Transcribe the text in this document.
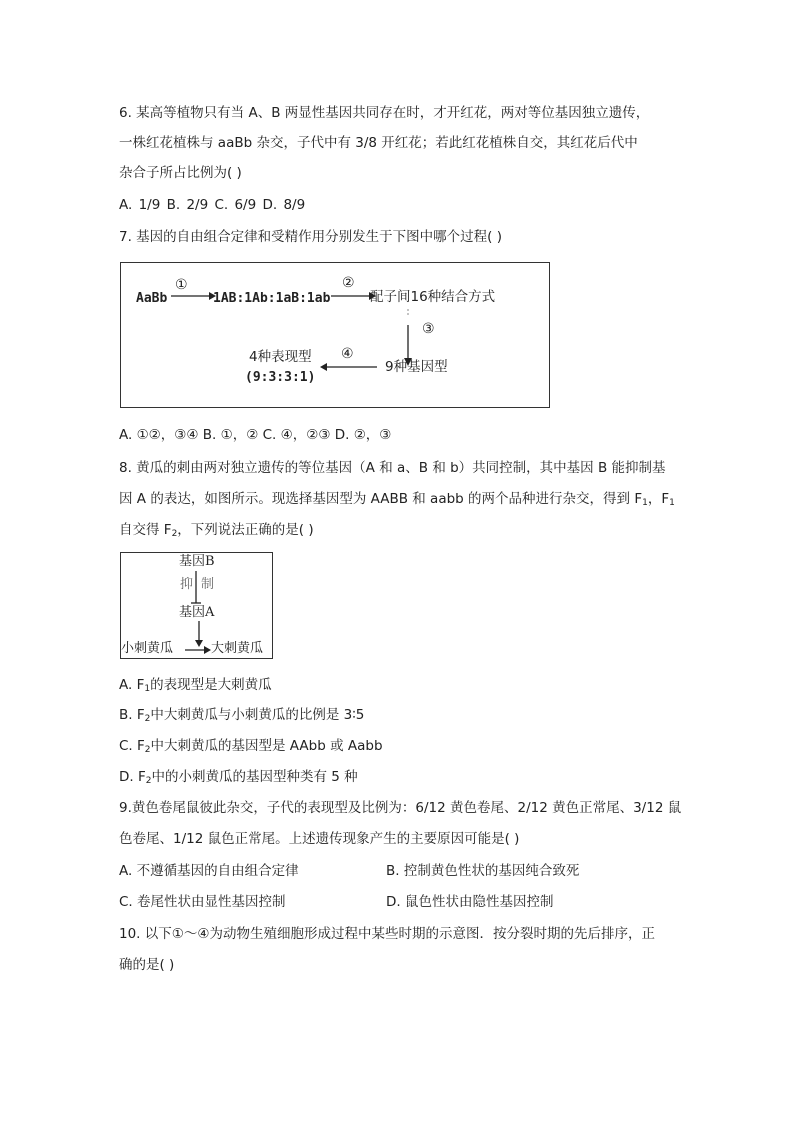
6. 某高等植物只有当 A、B 两显性基因共同存在时，才开红花，两对等位基因独立遗传，
一株红花植株与 aaBb 杂交，子代中有 3/8 开红花；若此红花植株自交，其红花后代中
杂合子所占比例为( )
A. 1/9 B. 2/9 C. 6/9 D. 8/9
7. 基因的自由组合定律和受精作用分别发生于下图中哪个过程( )
AaBb
①
1AB:1Ab:1aB:1ab
②
配子间16种结合方式
③
9种基因型
④
4种表现型
(9:3:3:1)
A. ①②，③④ B. ①，② C. ④，②③ D. ②，③
8. 黄瓜的刺由两对独立遗传的等位基因（A 和 a、B 和 b）共同控制，其中基因 B 能抑制基
因 A 的表达，如图所示。现选择基因型为 AABB 和 aabb 的两个品种进行杂交，得到 $F_1$，$F_1$
自交得 $F_2$，下列说法正确的是( )
基因B
抑 制
基因A
小刺黄瓜	大刺黄瓜
A. $F_1$的表现型是大刺黄瓜
B. $F_2$中大刺黄瓜与小刺黄瓜的比例是 3∶5
C. $F_2$中大刺黄瓜的基因型是 AAbb 或 Aabb
D. $F_2$中的小刺黄瓜的基因型种类有 5 种
9.黄色卷尾鼠彼此杂交，子代的表现型及比例为：6/12 黄色卷尾、2/12 黄色正常尾、3/12 鼠
色卷尾、1/12 鼠色正常尾。上述遗传现象产生的主要原因可能是( )
A. 不遵循基因的自由组合定律	B. 控制黄色性状的基因纯合致死
C. 卷尾性状由显性基因控制	D. 鼠色性状由隐性基因控制
10. 以下①～④为动物生殖细胞形成过程中某些时期的示意图．按分裂时期的先后排序，正
确的是( )
